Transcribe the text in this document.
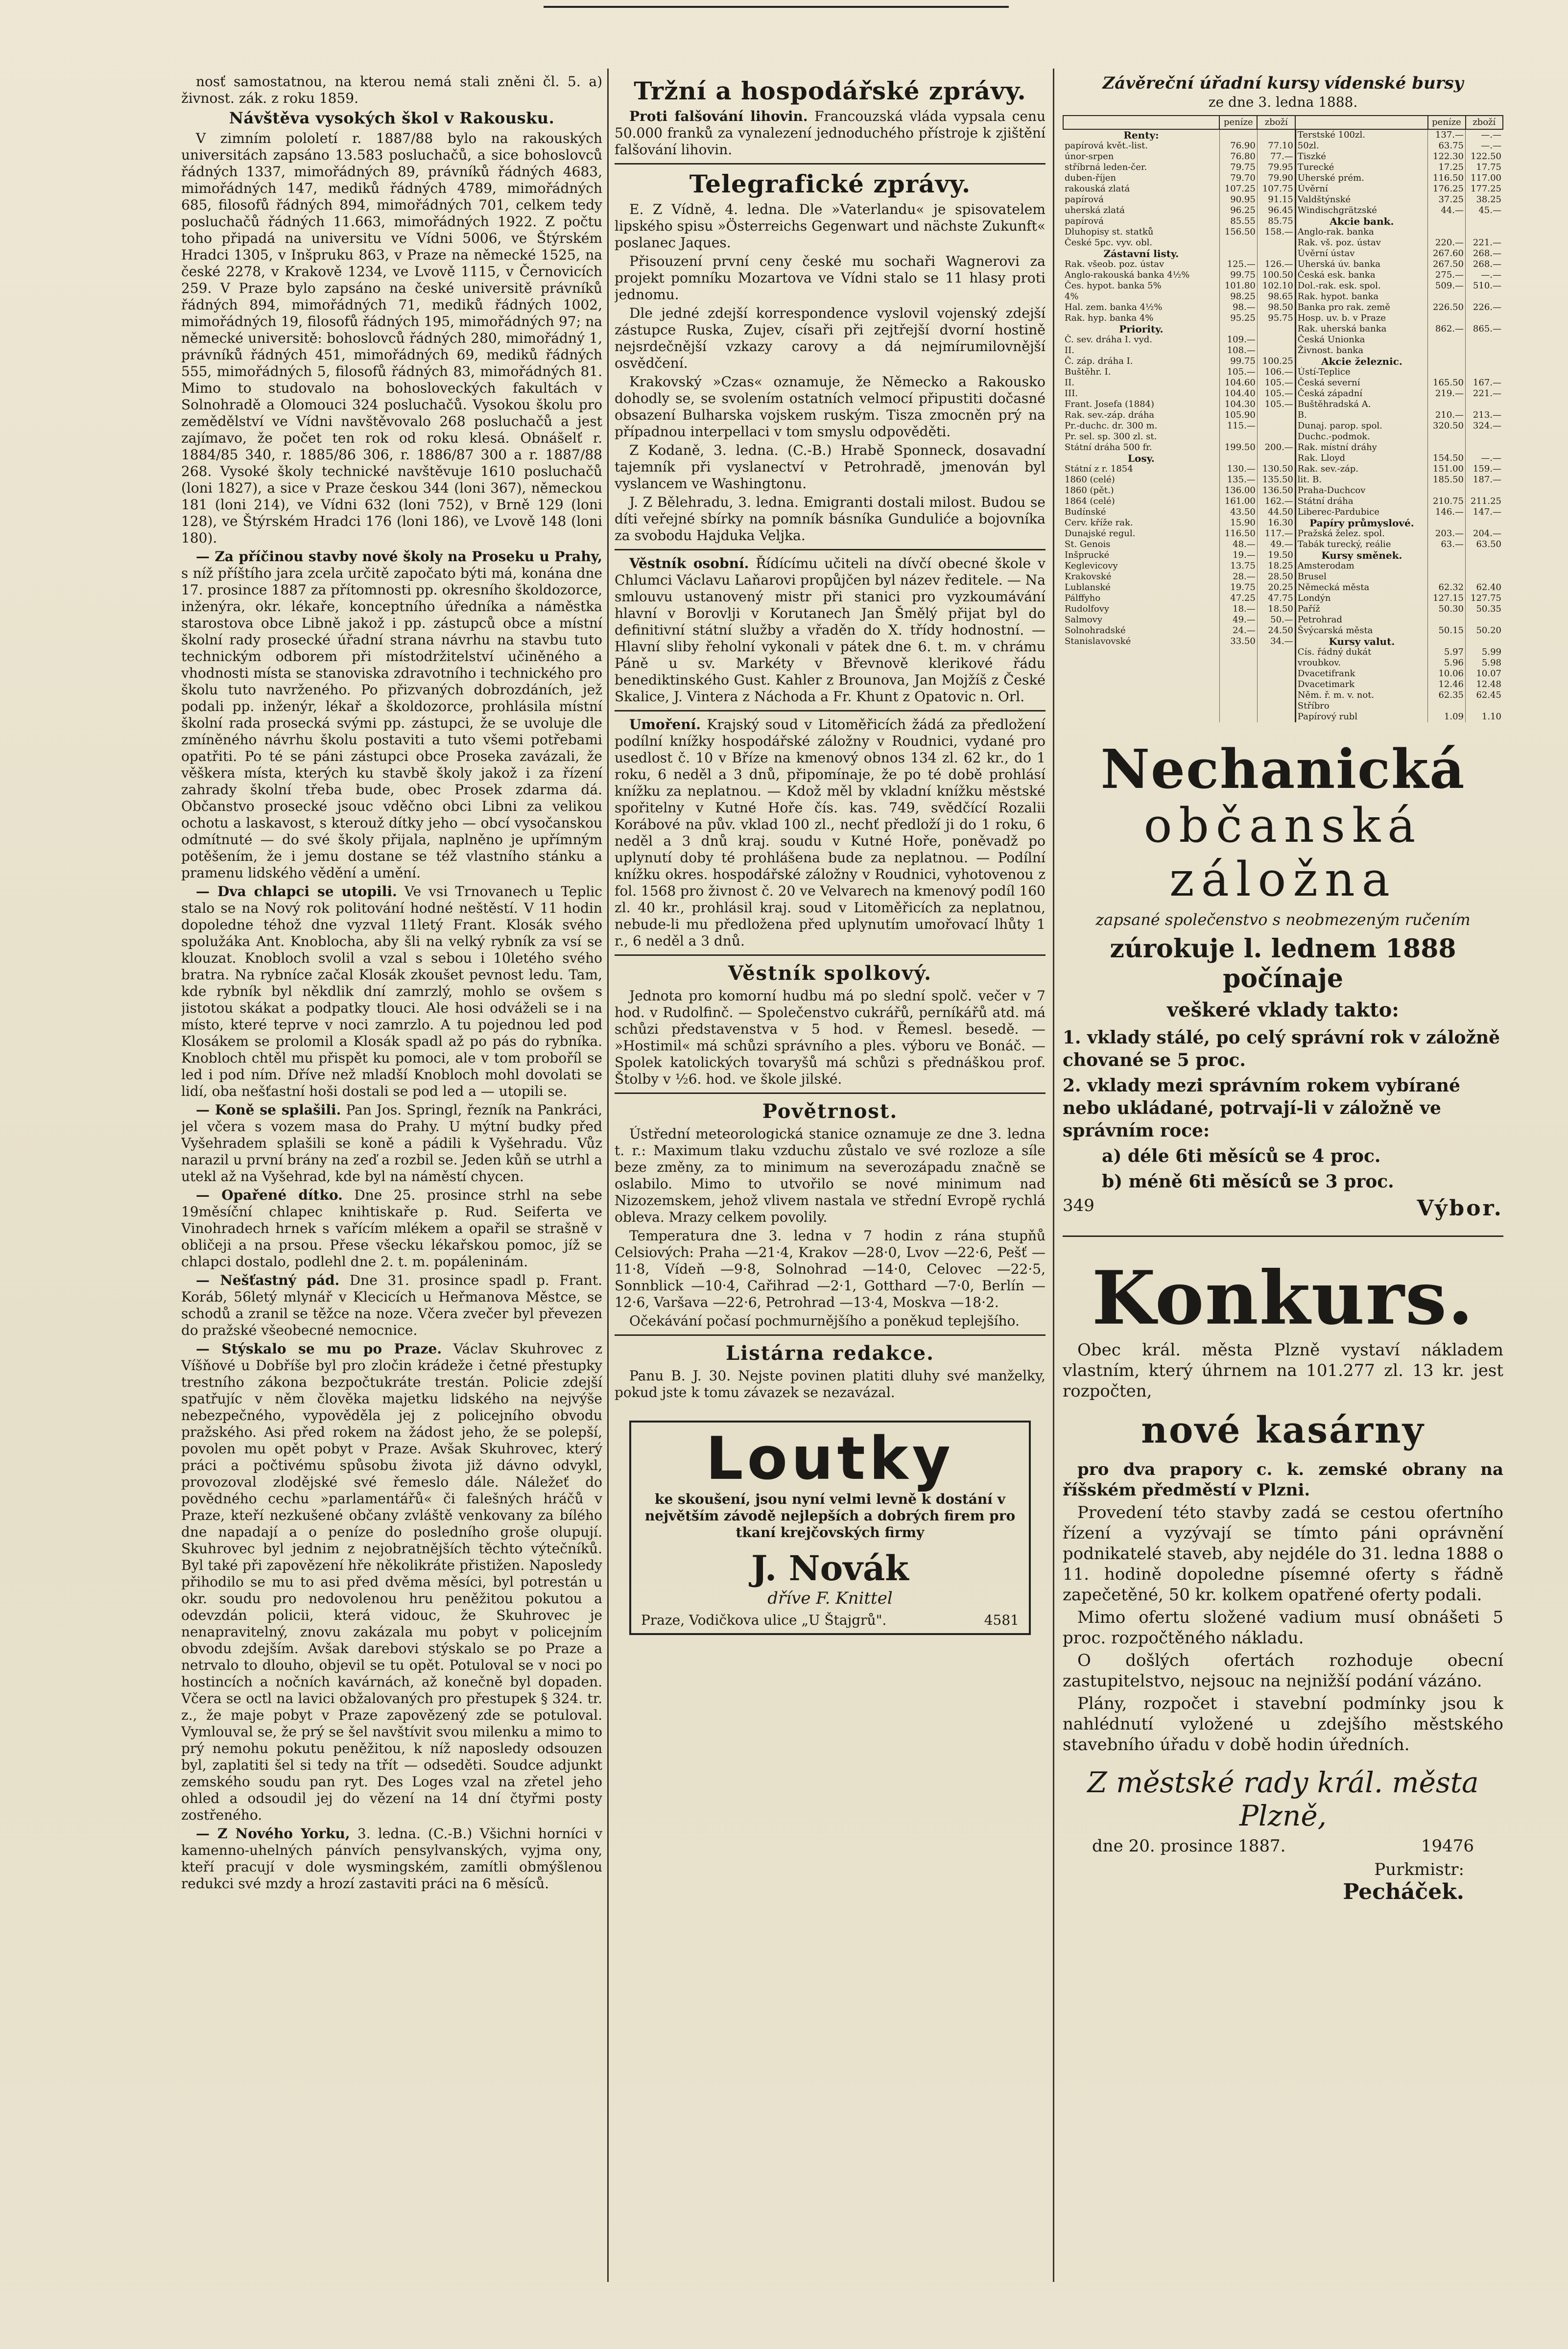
nosť samostatnou, na kterou nemá stali zněni čl. 5. a) živnost. zák. z roku 1859.

Návštěva vysokých škol v Rakousku.

V zimním pololetí r. 1887/88 bylo na rakouských universitách zapsáno 13.583 posluchačů, a sice bohoslovců řádných 1337, mimořádných 89, právníků řádných 4683, mimořádných 147, mediků řádných 4789, mimořádných 685, filosofů řádných 894, mimořádných 701, celkem tedy posluchačů řádných 11.663, mimořádných 1922. Z počtu toho připadá na universitu ve Vídni 5006, ve Štýrském Hradci 1305, v Inšpruku 863, v Praze na německé 1525, na české 2278, v Krakově 1234, ve Lvově 1115, v Černovicích 259. V Praze bylo zapsáno na české universitě právníků řádných 894, mimořádných 71, mediků řádných 1002, mimořádných 19, filosofů řádných 195, mimořádných 97; na německé universitě: bohoslovců řádných 280, mimořádný 1, právníků řádných 451, mimořádných 69, mediků řádných 555, mimořádných 5, filosofů řádných 83, mimořádných 81. Mimo to studovalo na bohosloveckých fakultách v Solnohradě a Olomouci 324 posluchačů. Vysokou školu pro zemědělství ve Vídni navštěvovalo 268 posluchačů a jest zajímavo, že počet ten rok od roku klesá. Obnášelť r. 1884/85 340, r. 1885/86 306, r. 1886/87 300 a r. 1887/88 268. Vysoké školy technické navštěvuje 1610 posluchačů (loni 1827), a sice v Praze českou 344 (loni 367), německou 181 (loni 214), ve Vídni 632 (loni 752), v Brně 129 (loni 128), ve Štýrském Hradci 176 (loni 186), ve Lvově 148 (loni 180).

— Za příčinou stavby nové školy na Proseku u Prahy, s níž příštího jara zcela určitě započato býti má, konána dne 17. prosince 1887 za přítomnosti pp. okresního školdozorce, inženýra, okr. lékaře, konceptního úředníka a náměstka starostova obce Libně jakož i pp. zástupců obce a místní školní rady prosecké úřadní strana návrhu na stavbu tuto technickým odborem při místodržitelství učiněného a vhodnosti místa se stanoviska zdravotního i technického pro školu tuto navrženého. Po přizvaných dobrozdáních, jež podali pp. inženýr, lékař a školdozorce, prohlásila místní školní rada prosecká svými pp. zástupci, že se uvoluje dle zmíněného návrhu školu postaviti a tuto všemi potřebami opatřiti. Po té se páni zástupci obce Proseka zavázali, že věškera místa, kterých ku stavbě školy jakož i za řízení zahrady školní třeba bude, obec Prosek zdarma dá. Občanstvo prosecké jsouc vděčno obci Libni za velikou ochotu a laskavost, s kterouž dítky jeho — obcí vysočanskou odmítnuté — do své školy přijala, naplněno je upřímným potěšením, že i jemu dostane se též vlastního stánku a pramenu lidského vědění a umění.

— Dva chlapci se utopili. Ve vsi Trnovanech u Teplic stalo se na Nový rok politování hodné neštěstí. V 11 hodin dopoledne téhož dne vyzval 11letý Frant. Klosák svého spolužáka Ant. Knoblocha, aby šli na velký rybník za vsí se klouzat. Knobloch svolil a vzal s sebou i 10letého svého bratra. Na rybníce začal Klosák zkoušet pevnost ledu. Tam, kde rybník byl někdlik dní zamrzlý, mohlo se ovšem s jistotou skákat a podpatky tlouci. Ale hosi odváželi se i na místo, které teprve v noci zamrzlo. A tu pojednou led pod Klosákem se prolomil a Klosák spadl až po pás do rybníka. Knobloch chtěl mu přispět ku pomoci, ale v tom proboříl se led i pod ním. Dříve než mladší Knobloch mohl dovolati se lidí, oba nešťastní hoši dostali se pod led a — utopili se.

— Koně se splašili. Pan Jos. Springl, řezník na Pankráci, jel včera s vozem masa do Prahy. U mýtní budky před Vyšehradem splašili se koně a pádili k Vyšehradu. Vůz narazil u první brány na zeď a rozbil se. Jeden kůň se utrhl a utekl až na Vyšehrad, kde byl na náměstí chycen.

— Opařené dítko. Dne 25. prosince strhl na sebe 19měsíční chlapec knihtiskaře p. Rud. Seiferta ve Vinohradech hrnek s vařícím mlékem a opařil se strašně v obličeji a na prsou. Přese všecku lékařskou pomoc, jíž se chlapci dostalo, podlehl dne 2. t. m. popáleninám.

— Nešťastný pád. Dne 31. prosince spadl p. Frant. Koráb, 56letý mlynář v Klecicích u Heřmanova Městce, se schodů a zranil se těžce na noze. Včera zvečer byl převezen do pražské všeobecné nemocnice.

— Stýskalo se mu po Praze. Václav Skuhrovec z Víšňové u Dobříše byl pro zločin krádeže i četné přestupky trestního zákona bezpočtukráte trestán. Policie zdejší spatřujíc v něm člověka majetku lidského na nejvýše nebezpečného, vypověděla jej z policejního obvodu pražského. Asi před rokem na žádost jeho, že se polepší, povolen mu opět pobyt v Praze. Avšak Skuhrovec, který práci a počtivému spůsobu života již dávno odvykl, provozoval zlodějské své řemeslo dále. Náležeť do povědného cechu »parlamentářů« či falešných hráčů v Praze, kteří nezkušené občany zvláště venkovany za bílého dne napadají a o peníze do posledního groše olupují. Skuhrovec byl jednim z nejobratnějších těchto výtečníků. Byl také při zapovězení hře několikráte přistižen. Naposledy přihodilo se mu to asi před dvěma měsíci, byl potrestán u okr. soudu pro nedovolenou hru peněžitou pokutou a odevzdán policii, která vidouc, že Skuhrovec je nenapravitelný, znovu zakázala mu pobyt v policejním obvodu zdejším. Avšak darebovi stýskalo se po Praze a netrvalo to dlouho, objevil se tu opět. Potuloval se v noci po hostincích a nočních kavárnách, až konečně byl dopaden. Včera se octl na lavici obžalovaných pro přestupek § 324. tr. z., že maje pobyt v Praze zapovězený zde se potuloval. Vymlouval se, že prý se šel navštívit svou milenku a mimo to prý nemohu pokutu peněžitou, k níž naposledy odsouzen byl, zaplatiti šel si tedy na třít — odseděti. Soudce adjunkt zemského soudu pan ryt. Des Loges vzal na zřetel jeho ohled a odsoudil jej do vězení na 14 dní čtyřmi posty zostřeného.

— Z Nového Yorku, 3. ledna. (C.-B.) Všichni horníci v kamenno-uhelných pánvích pensylvanských, vyjma ony, kteří pracují v dole wysmingském, zamítli obmýšlenou redukci své mzdy a hrozí zastaviti práci na 6 měsíců.

Tržní a hospodářské zprávy.

Proti falšování lihovin. Francouzská vláda vypsala cenu 50.000 franků za vynalezení jednoduchého přístroje k zjištění falšování lihovin.

Telegrafické zprávy.

E. Z Vídně, 4. ledna. Dle »Vaterlandu« je spisovatelem lipského spisu »Österreichs Gegenwart und nächste Zukunft« poslanec Jaques.

Přisouzení první ceny české mu sochaři Wagnerovi za projekt pomníku Mozartova ve Vídni stalo se 11 hlasy proti jednomu.

Dle jedné zdejší korrespondence vyslovil vojenský zdejší zástupce Ruska, Zujev, císaři při zejtřejší dvorní hostině nejsrdečnější vzkazy carovy a dá nejmírumilovnější osvědčení.

Krakovský »Czas« oznamuje, že Německo a Rakousko dohodly se, se svolením ostatních velmocí připustiti dočasné obsazení Bulharska vojskem ruským. Tisza zmocněn prý na případnou interpellaci v tom smyslu odpověděti.

Z Kodaně, 3. ledna. (C.-B.) Hrabě Sponneck, dosavadní tajemník při vyslanectví v Petrohradě, jmenován byl vyslancem ve Washingtonu.

J. Z Bělehradu, 3. ledna. Emigranti dostali milost. Budou se díti veřejné sbírky na pomník básníka Gunduliće a bojovníka za svobodu Hajduka Veljka.

Věstník osobní. Řídícímu učiteli na dívčí obecné škole v Chlumci Václavu Laňarovi propůjčen byl název ředitele. — Na smlouvu ustanovený mistr při stanici pro vyzkoumávání hlavní v Borovlji v Korutanech Jan Šmělý přijat byl do definitivní státní služby a vřaděn do X. třídy hodnostní. — Hlavní sliby řeholní vykonali v pátek dne 6. t. m. v chrámu Páně u sv. Markéty v Břevnově klerikové řádu benediktinského Gust. Kahler z Brounova, Jan Mojžíš z České Skalice, J. Vintera z Náchoda a Fr. Khunt z Opatovic n. Orl.

Umoření. Krajský soud v Litoměřicích žádá za předložení podílní knížky hospodářské záložny v Roudnici, vydané pro usedlost č. 10 v Bříze na kmenový obnos 134 zl. 62 kr., do 1 roku, 6 neděl a 3 dnů, připomínaje, že po té době prohlásí knížku za neplatnou. — Kdož měl by vkladní knížku městské spořitelny v Kutné Hoře čís. kas. 749, svědčící Rozalii Korábové na pův. vklad 100 zl., nechť předloží ji do 1 roku, 6 neděl a 3 dnů kraj. soudu v Kutné Hoře, poněvadž po uplynutí doby té prohlášena bude za neplatnou. — Podílní knížku okres. hospodářské záložny v Roudnici, vyhotovenou z fol. 1568 pro živnost č. 20 ve Velvarech na kmenový podíl 160 zl. 40 kr., prohlásil kraj. soud v Litoměřicích za neplatnou, nebude-li mu předložena před uplynutím umořovací lhůty 1 r., 6 neděl a 3 dnů.

Věstník spolkový.

Jednota pro komorní hudbu má po slední spolč. večer v 7 hod. v Rudolfinč. — Společenstvo cukrářů, perníkářů atd. má schůzi představenstva v 5 hod. v Řemesl. besedě. — »Hostimil« má schůzi správního a ples. výboru ve Bonáč. — Spolek katolických tovaryšů má schůzi s přednáškou prof. Štolby v ½6. hod. ve škole jilské.

Povětrnost.

Ústřední meteorologická stanice oznamuje ze dne 3. ledna t. r.: Maximum tlaku vzduchu zůstalo ve své rozloze a síle beze změny, za to minimum na severozápadu značně se oslabilo. Mimo to utvořilo se nové minimum nad Nizozemskem, jehož vlivem nastala ve střední Evropě rychlá obleva. Mrazy celkem povolily.

Temperatura dne 3. ledna v 7 hodin z rána stupňů Celsiových: Praha —21·4, Krakov —28·0, Lvov —22·6, Pešť —11·8, Vídeň —9·8, Solnohrad —14·0, Celovec —22·5, Sonnblick —10·4, Cařihrad —2·1, Gotthard —7·0, Berlín —12·6, Varšava —22·6, Petrohrad —13·4, Moskva —18·2.

Očekávání počasí pochmurnějšího a poněkud teplejšího.

Listárna redakce.

Panu B. J. 30. Nejste povinen platiti dluhy své manželky, pokud jste k tomu závazek se nezavázal.

Loutky
ke skoušení, jsou nyní velmi levně k dostání v největším závodě nejlepších a dobrých firem pro tkaní krejčovských firmy
J. Novák
dříve F. Knittel
Praze, Vodičkova ulice „U Štajgrů".	4581
Závěreční úřadní kursy vídenské bursy
ze dne 3. ledna 1888.
	peníze	zboží		peníze	zboží
Renty:			Terstské 100zl.	137.—	—.—
papírová květ.-list.	76.90	77.10	50zl.	63.75	—.—
únor-srpen	76.80	77.—	Tiszké	122.30	122.50
stříbrná leden-čer.	79.75	79.95	Turecké	17.25	17.75
duben-říjen	79.70	79.90	Uherské prém.	116.50	117.00
rakouská zlatá	107.25	107.75	Úvěrní	176.25	177.25
papírová	90.95	91.15	Valdštýnské	37.25	38.25
uherská zlatá	96.25	96.45	Windischgrätzské	44.—	45.—
papírová	85.55	85.75	Akcie bank.		
Dluhopisy st. statků	156.50	158.—	Anglo-rak. banka		
České 5pc. vyv. obl.			Rak. vš. poz. ústav	220.—	221.—
Zástavní listy.			Úvěrní ústav	267.60	268.—
Rak. všeob. poz. ústav	125.—	126.—	Uherská úv. banka	267.50	268.—
Anglo-rakouská banka 4½%	99.75	100.50	Česká esk. banka	275.—	—.—
Čes. hypot. banka 5%	101.80	102.10	Dol.-rak. esk. spol.	509.—	510.—
4%	98.25	98.65	Rak. hypot. banka		
Hal. zem. banka 4½%	98.—	98.50	Banka pro rak. země	226.50	226.—
Rak. hyp. banka 4%	95.25	95.75	Hosp. uv. b. v Praze		
Priority.			Rak. uherská banka	862.—	865.—
Č. sev. dráha I. vyd.	109.—		Česká Unionka		
II.	108.—		Živnost. banka		
Č. záp. dráha I.	99.75	100.25	Akcie železnic.		
Buštěhr. I.	105.—	106.—	Ústí-Teplice		
II.	104.60	105.—	Česká severní	165.50	167.—
III.	104.40	105.—	Česká západní	219.—	221.—
Frant. Josefa (1884)	104.30	105.—	Buštěhradská A.		
Rak. sev.-záp. dráha	105.90		B.	210.—	213.—
Pr.-duchc. dr. 300 m.	115.—		Dunaj. parop. spol.	320.50	324.—
Pr. sel. sp. 300 zl. st.			Duchc.-podmok.		
Státní dráha 500 fr.	199.50	200.—	Rak. místní dráhy		
Losy.			Rak. Lloyd	154.50	—.—
Státní z r. 1854	130.—	130.50	Rak. sev.-záp.	151.00	159.—
1860 (celé)	135.—	135.50	lit. B.	185.50	187.—
1860 (pět.)	136.00	136.50	Praha-Duchcov		
1864 (celé)	161.00	162.—	Státní dráha	210.75	211.25
Budínské	43.50	44.50	Liberec-Pardubice	146.—	147.—
Cerv. kříže rak.	15.90	16.30	Papíry průmyslové.		
Dunajské regul.	116.50	117.—	Pražská želez. spol.	203.—	204.—
St. Genois	48.—	49.—	Tabák turecký, reálie	63.—	63.50
Inšprucké	19.—	19.50	Kursy směnek.		
Keglevicovy	13.75	18.25	Amsterodam		
Krakovské	28.—	28.50	Brusel		
Lublanské	19.75	20.25	Německá města	62.32	62.40
Pálffyho	47.25	47.75	Londýn	127.15	127.75
Rudolfovy	18.—	18.50	Paříž	50.30	50.35
Salmovy	49.—	50.—	Petrohrad		
Solnohradské	24.—	24.50	Švýcarská města	50.15	50.20
Stanislavovské	33.50	34.—	Kursy valut.		
			Cís. řádný dukát	5.97	5.99
			vroubkov.	5.96	5.98
			Dvacetifrank	10.06	10.07
			Dvacetimark	12.46	12.48
			Něm. ř. m. v. not.	62.35	62.45
			Stříbro		
			Papírový rubl	1.09	1.10
Nechanická
občanská záložna
zapsané společenstvo s neobmezeným ručením
zúrokuje l. lednem 1888 počínaje
veškeré vklady takto:
1. vklady stálé, po celý správní rok v záložně chované se 5 proc.
2. vklady mezi správním rokem vybírané nebo ukládané, potrvají-li v záložně ve správním roce:
a) déle 6ti měsíců se 4 proc.
b) méně 6ti měsíců se 3 proc.
349	Výbor.
Konkurs.

Obec král. města Plzně vystaví nákladem vlastním, který úhrnem na 101.277 zl. 13 kr. jest rozpočten,

nové kasárny

pro dva prapory c. k. zemské obrany na říšském předměstí v Plzni.

Provedení této stavby zadá se cestou ofertního řízení a vyzývají se tímto páni oprávnění podnikatelé staveb, aby nejdéle do 31. ledna 1888 o 11. hodině dopoledne písemné oferty s řádně zapečetěné, 50 kr. kolkem opatřené oferty podali.

Mimo ofertu složené vadium musí obnášeti 5 proc. rozpočtěného nákladu.

O došlých ofertách rozhoduje obecní zastupitelstvo, nejsouc na nejnižší podání vázáno.

Plány, rozpočet i stavební podmínky jsou k nahlédnutí vyložené u zdejšího městského stavebního úřadu v době hodin úředních.

Z městské rady král. města Plzně,
dne 20. prosince 1887.	19476
Purkmistr:
Pecháček.
